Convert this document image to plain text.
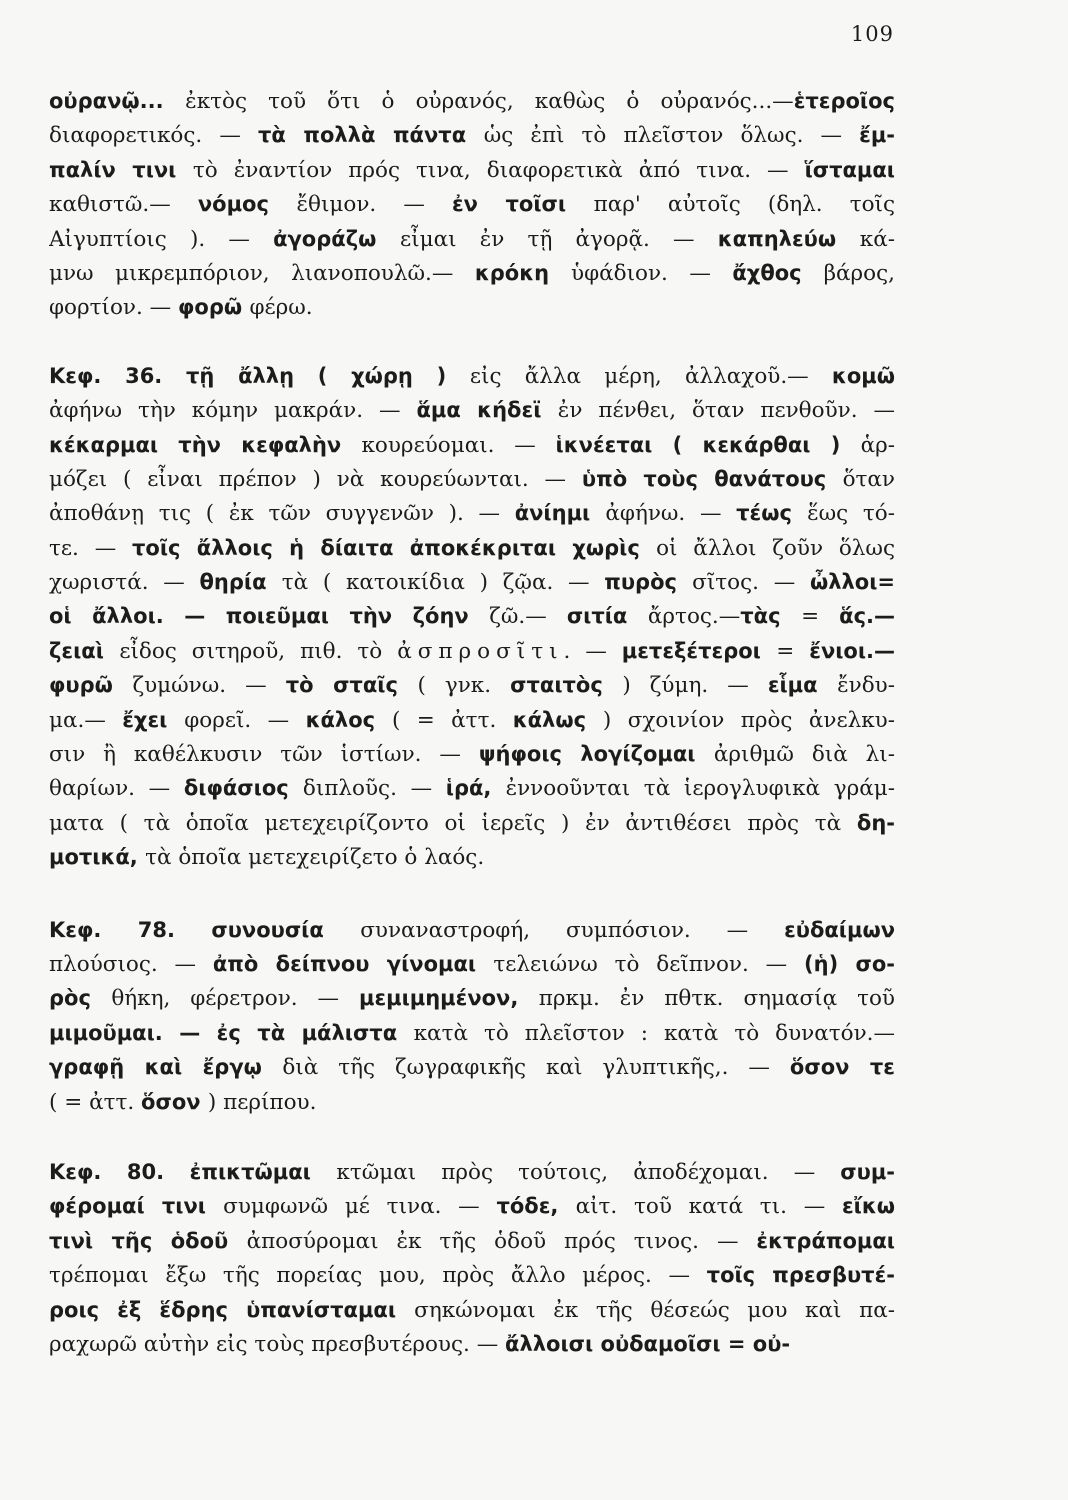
109
οὐρανῷ... ἐκτὸς τοῦ ὅτι ὁ οὐρανός, καθὼς ὁ οὐρανός...—ἑτεροῖος
διαφορετικός. — τὰ πολλὰ πάντα ὡς ἐπὶ τὸ πλεῖστον ὅλως. — ἔμ-
παλίν τινι τὸ ἐναντίον πρός τινα, διαφορετικὰ ἀπό τινα. — ἵσταμαι
καθιστῶ.— νόμος ἔθιμον. — ἐν τοῖσι παρ' αὐτοῖς (δηλ. τοῖς
Αἰγυπτίοις ). — ἀγοράζω εἶμαι ἐν τῇ ἀγορᾷ. — καπηλεύω κά-
μνω μικρεμπόριον, λιανοπουλῶ.— κρόκη ὑφάδιον. — ἄχθος βάρος,
φορτίον. — φορῶ φέρω.
Κεφ. 36. τῇ ἄλλῃ ( χώρῃ ) εἰς ἄλλα μέρη, ἀλλαχοῦ.— κομῶ
ἀφήνω τὴν κόμην μακράν. — ἅμα κήδεϊ ἐν πένθει, ὅταν πενθοῦν. —
κέκαρμαι τὴν κεφαλὴν κουρεύομαι. — ἱκνέεται ( κεκάρθαι ) ἁρ-
μόζει ( εἶναι πρέπον ) νὰ κουρεύωνται. — ὑπὸ τοὺς θανάτους ὅταν
ἀποθάνῃ τις ( ἐκ τῶν συγγενῶν ). — ἀνίημι ἀφήνω. — τέως ἕως τό-
τε. — τοῖς ἄλλοις ἡ δίαιτα ἀποκέκριται χωρὶς οἱ ἄλλοι ζοῦν ὅλως
χωριστά. — θηρία τὰ ( κατοικίδια ) ζῷα. — πυρὸς σῖτος. — ὦλλοι=
οἱ ἄλλοι. — ποιεῦμαι τὴν ζόην ζῶ.— σιτία ἄρτος.—τὰς = ἅς.—
ζειαὶ εἶδος σιτηροῦ, πιθ. τὸ ἀσπροσῖτι. — μετεξέτεροι = ἔνιοι.—
φυρῶ ζυμώνω. — τὸ σταῖς ( γνκ. σταιτὸς ) ζύμη. — εἷμα ἔνδυ-
μα.— ἔχει φορεῖ. — κάλος ( = ἀττ. κάλως ) σχοινίον πρὸς ἀνελκυ-
σιν ἢ καθέλκυσιν τῶν ἱστίων. — ψήφοις λογίζομαι ἀριθμῶ διὰ λι-
θαρίων. — διφάσιος διπλοῦς. — ἱρά, ἐννοοῦνται τὰ ἱερογλυφικὰ γράμ-
ματα ( τὰ ὁποῖα μετεχειρίζοντο οἱ ἱερεῖς ) ἐν ἀντιθέσει πρὸς τὰ δη-
μοτικά, τὰ ὁποῖα μετεχειρίζετο ὁ λαός.
Κεφ. 78. συνουσία συναναστροφή, συμπόσιον. — εὐδαίμων
πλούσιος. — ἀπὸ δείπνου γίνομαι τελειώνω τὸ δεῖπνον. — (ἡ) σο-
ρὸς θήκη, φέρετρον. — μεμιμημένον, πρκμ. ἐν πθτκ. σημασίᾳ τοῦ
μιμοῦμαι. — ἐς τὰ μάλιστα κατὰ τὸ πλεῖστον : κατὰ τὸ δυνατόν.—
γραφῇ καὶ ἔργῳ διὰ τῆς ζωγραφικῆς καὶ γλυπτικῆς,. — ὅσον τε
( = ἀττ. ὅσον ) περίπου.
Κεφ. 80. ἐπικτῶμαι κτῶμαι πρὸς τούτοις, ἀποδέχομαι. — συμ-
φέρομαί τινι συμφωνῶ μέ τινα. — τόδε, αἰτ. τοῦ κατά τι. — εἴκω
τινὶ τῆς ὁδοῦ ἀποσύρομαι ἐκ τῆς ὁδοῦ πρός τινος. — ἐκτράπομαι
τρέπομαι ἔξω τῆς πορείας μου, πρὸς ἄλλο μέρος. — τοῖς πρεσβυτέ-
ροις ἐξ ἕδρης ὑπανίσταμαι σηκώνομαι ἐκ τῆς θέσεώς μου καὶ πα-
ραχωρῶ αὐτὴν εἰς τοὺς πρεσβυτέρους. — ἄλλοισι οὐδαμοῖσι = οὐ-
